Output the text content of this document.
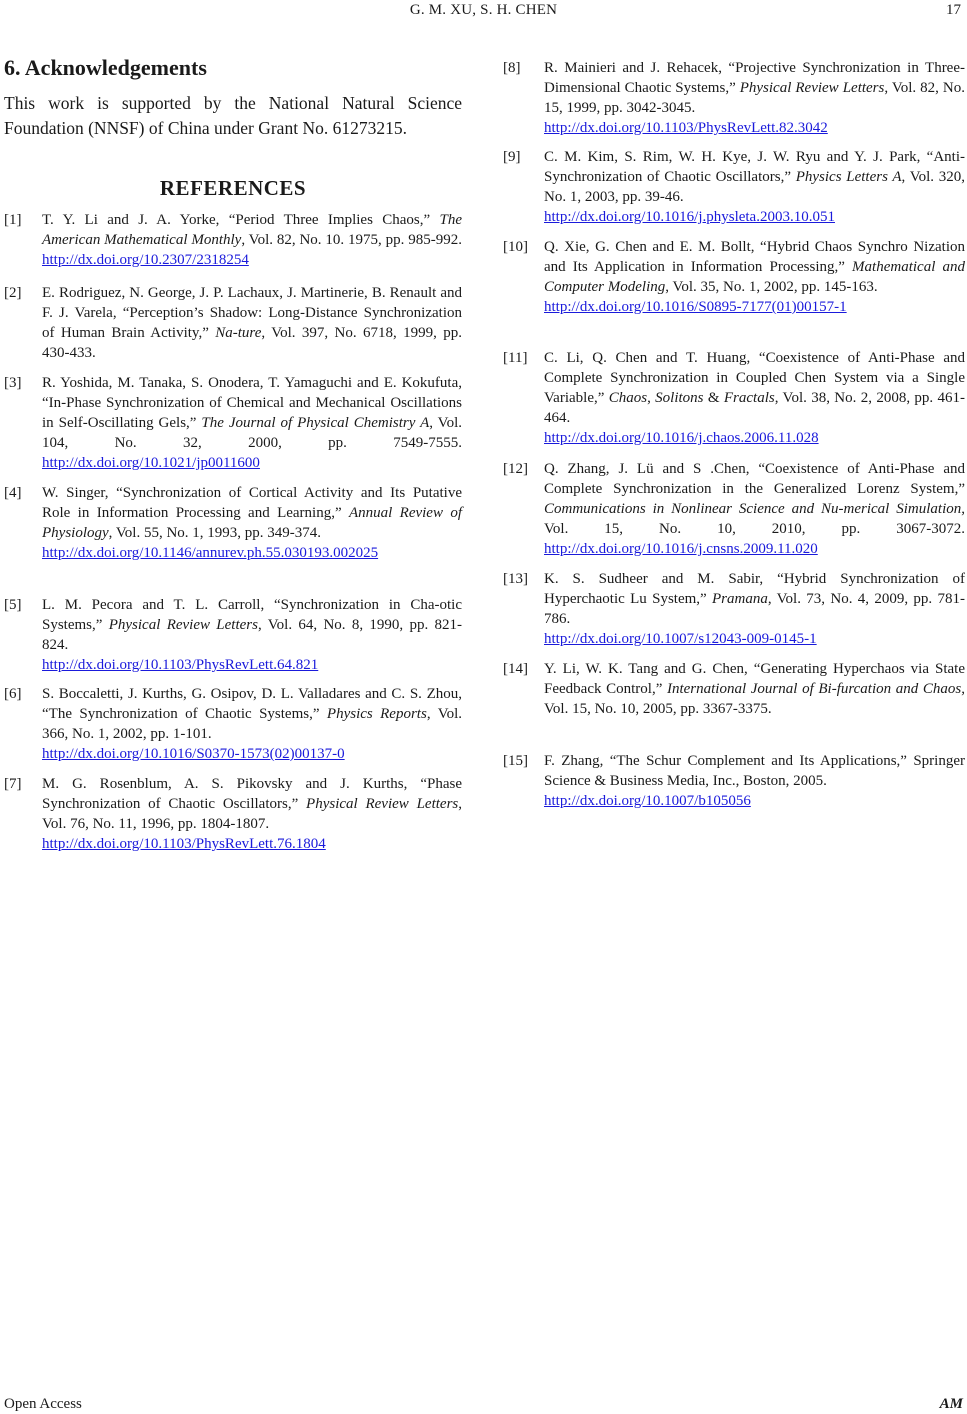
G. M. XU, S. H. CHEN	17
6. Acknowledgements

This work is supported by the National Natural Science Foundation (NNSF) of China under Grant No. 61273215.

REFERENCES
[1] T. Y. Li and J. A. Yorke, “Period Three Implies Chaos,” The American Mathematical Monthly, Vol. 82, No. 10. 1975, pp. 985-992. http://dx.doi.org/10.2307/2318254
[2] E. Rodriguez, N. George, J. P. Lachaux, J. Martinerie, B. Renault and F. J. Varela, “Perception’s Shadow: Long-Distance Synchronization of Human Brain Activity,” Na-ture, Vol. 397, No. 6718, 1999, pp. 430-433.
[3] R. Yoshida, M. Tanaka, S. Onodera, T. Yamaguchi and E. Kokufuta, “In-Phase Synchronization of Chemical and Mechanical Oscillations in Self-Oscillating Gels,” The Journal of Physical Chemistry A, Vol. 104, No. 32, 2000, pp. 7549-7555. http://dx.doi.org/10.1021/jp0011600
[4] W. Singer, “Synchronization of Cortical Activity and Its Putative Role in Information Processing and Learning,” Annual Review of Physiology, Vol. 55, No. 1, 1993, pp. 349-374.
http://dx.doi.org/10.1146/annurev.ph.55.030193.002025
[5] L. M. Pecora and T. L. Carroll, “Synchronization in Cha-otic Systems,” Physical Review Letters, Vol. 64, No. 8, 1990, pp. 821-824.
http://dx.doi.org/10.1103/PhysRevLett.64.821
[6] S. Boccaletti, J. Kurths, G. Osipov, D. L. Valladares and C. S. Zhou, “The Synchronization of Chaotic Systems,” Physics Reports, Vol. 366, No. 1, 2002, pp. 1-101.
http://dx.doi.org/10.1016/S0370-1573(02)00137-0
[7] M. G. Rosenblum, A. S. Pikovsky and J. Kurths, “Phase Synchronization of Chaotic Oscillators,” Physical Review Letters, Vol. 76, No. 11, 1996, pp. 1804-1807.
http://dx.doi.org/10.1103/PhysRevLett.76.1804
[8] R. Mainieri and J. Rehacek, “Projective Synchronization in Three-Dimensional Chaotic Systems,” Physical Review Letters, Vol. 82, No. 15, 1999, pp. 3042-3045.
http://dx.doi.org/10.1103/PhysRevLett.82.3042
[9] C. M. Kim, S. Rim, W. H. Kye, J. W. Ryu and Y. J. Park, “Anti-Synchronization of Chaotic Oscillators,” Physics Letters A, Vol. 320, No. 1, 2003, pp. 39-46.
http://dx.doi.org/10.1016/j.physleta.2003.10.051
[10] Q. Xie, G. Chen and E. M. Bollt, “Hybrid Chaos Synchro Nization and Its Application in Information Processing,” Mathematical and Computer Modeling, Vol. 35, No. 1, 2002, pp. 145-163.
http://dx.doi.org/10.1016/S0895-7177(01)00157-1
[11] C. Li, Q. Chen and T. Huang, “Coexistence of Anti-Phase and Complete Synchronization in Coupled Chen System via a Single Variable,” Chaos, Solitons & Fractals, Vol. 38, No. 2, 2008, pp. 461-464.
http://dx.doi.org/10.1016/j.chaos.2006.11.028
[12] Q. Zhang, J. Lü and S .Chen, “Coexistence of Anti-Phase and Complete Synchronization in the Generalized Lorenz System,” Communications in Nonlinear Science and Nu-merical Simulation, Vol. 15, No. 10, 2010, pp. 3067-3072. http://dx.doi.org/10.1016/j.cnsns.2009.11.020
[13] K. S. Sudheer and M. Sabir, “Hybrid Synchronization of Hyperchaotic Lu System,” Pramana, Vol. 73, No. 4, 2009, pp. 781-786.
http://dx.doi.org/10.1007/s12043-009-0145-1
[14] Y. Li, W. K. Tang and G. Chen, “Generating Hyperchaos via State Feedback Control,” International Journal of Bi-furcation and Chaos, Vol. 15, No. 10, 2005, pp. 3367-3375.
[15] F. Zhang, “The Schur Complement and Its Applications,” Springer Science & Business Media, Inc., Boston, 2005.
http://dx.doi.org/10.1007/b105056
Open Access	AM
